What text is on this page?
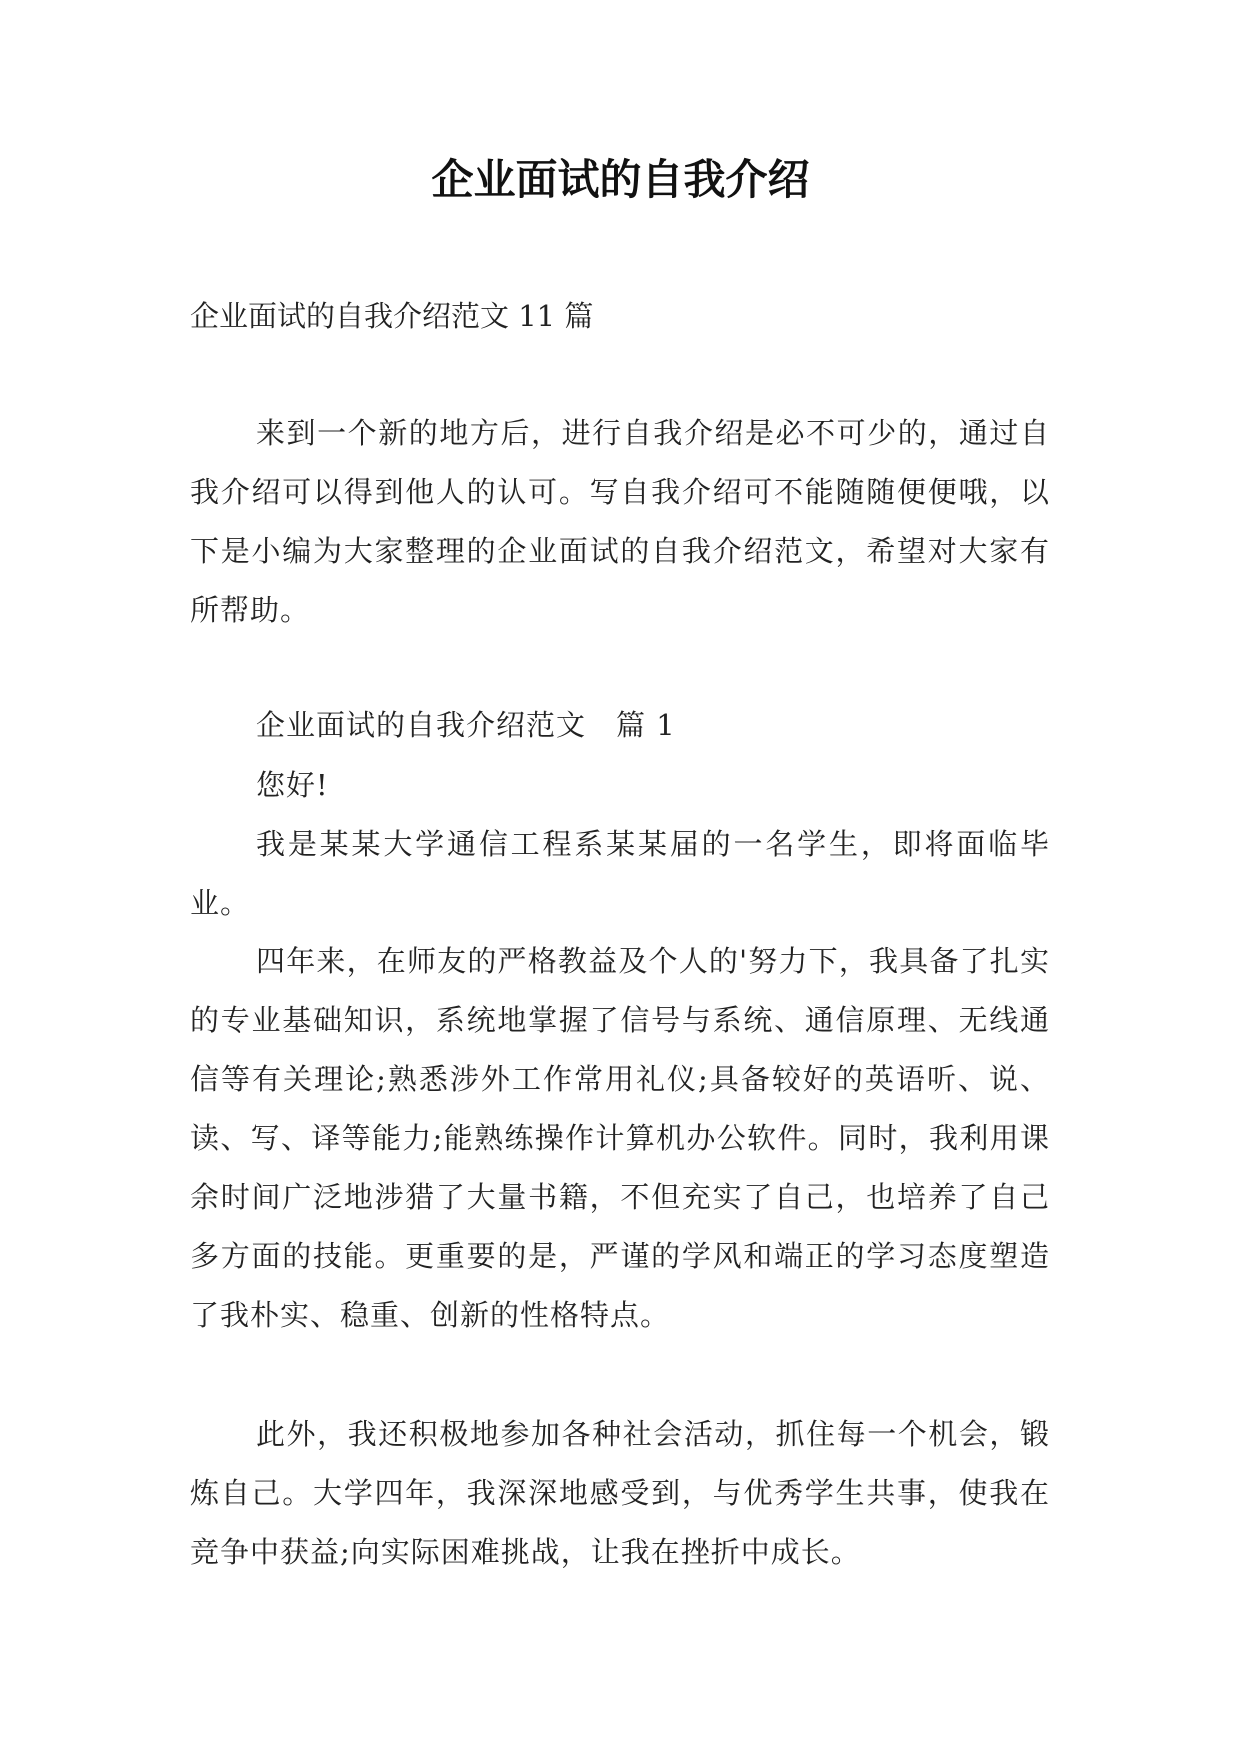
企业面试的自我介绍

企业面试的自我介绍范文 11 篇

来到一个新的地方后，进行自我介绍是必不可少的，通过自我介绍可以得到他人的认可。写自我介绍可不能随随便便哦，以下是小编为大家整理的企业面试的自我介绍范文，希望对大家有所帮助。

企业面试的自我介绍范文　篇 1

您好!

我是某某大学通信工程系某某届的一名学生，即将面临毕业。

四年来，在师友的严格教益及个人的'努力下，我具备了扎实的专业基础知识，系统地掌握了信号与系统、通信原理、无线通信等有关理论;熟悉涉外工作常用礼仪;具备较好的英语听、说、读、写、译等能力;能熟练操作计算机办公软件。同时，我利用课余时间广泛地涉猎了大量书籍，不但充实了自己，也培养了自己多方面的技能。更重要的是，严谨的学风和端正的学习态度塑造了我朴实、稳重、创新的性格特点。

此外，我还积极地参加各种社会活动，抓住每一个机会，锻炼自己。大学四年，我深深地感受到，与优秀学生共事，使我在竞争中获益;向实际困难挑战，让我在挫折中成长。
